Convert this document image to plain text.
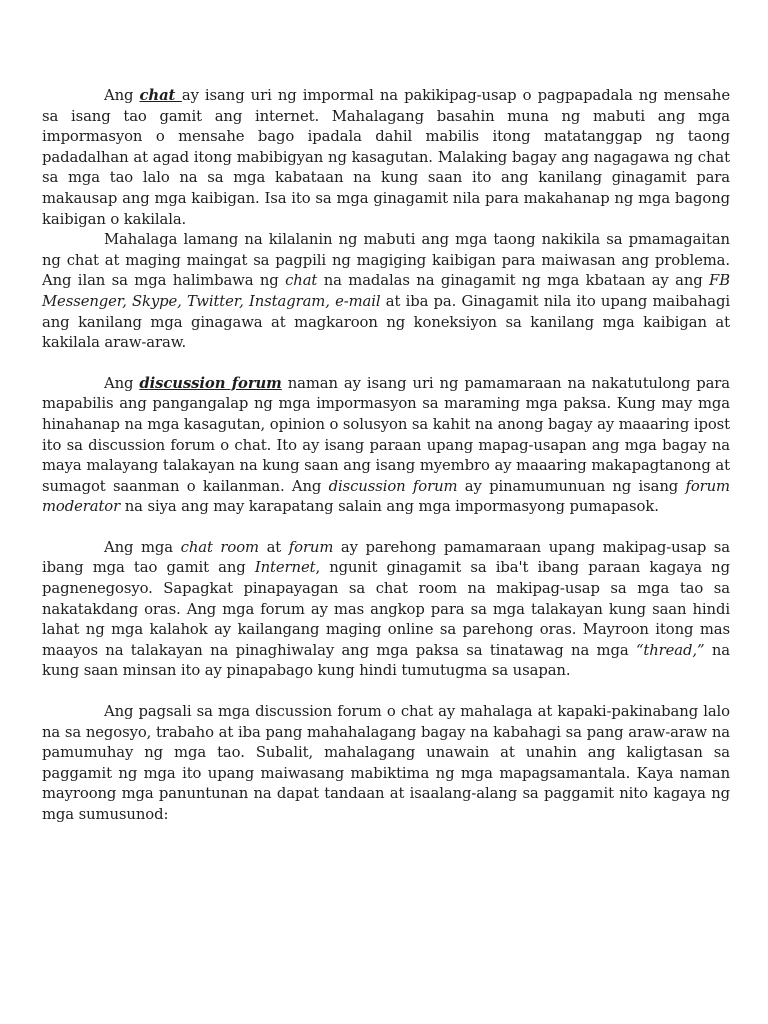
Ang chat ay isang uri ng impormal na pakikipag-usap o pagpapadala ng mensahe sa isang tao gamit ang internet. Mahalagang basahin muna ng mabuti ang mga impormasyon o mensahe bago ipadala dahil mabilis itong matatanggap ng taong padadalhan at agad itong mabibigyan ng kasagutan. Malaking bagay ang nagagawa ng chat sa mga tao lalo na sa mga kabataan na kung saan ito ang kanilang ginagamit para makausap ang mga kaibigan. Isa ito sa mga ginagamit nila para makahanap ng mga bagong kaibigan o kakilala.

Mahalaga lamang na kilalanin ng mabuti ang mga taong nakikila sa pmamagaitan ng chat at maging maingat sa pagpili ng magiging kaibigan para maiwasan ang problema. Ang ilan sa mga halimbawa ng chat na madalas na ginagamit ng mga kbataan ay ang FB Messenger, Skype, Twitter, Instagram, e-mail at iba pa. Ginagamit nila ito upang maibahagi ang kanilang mga ginagawa at magkaroon ng koneksiyon sa kanilang mga kaibigan at kakilala araw-araw.

Ang discussion forum naman ay isang uri ng pamamaraan na nakatutulong para mapabilis ang pangangalap ng mga impormasyon sa maraming mga paksa. Kung may mga hinahanap na mga kasagutan, opinion o solusyon sa kahit na anong bagay ay maaaring ipost ito sa discussion forum o chat. Ito ay isang paraan upang mapag-usapan ang mga bagay na maya malayang talakayan na kung saan ang isang myembro ay maaaring makapagtanong at sumagot saanman o kailanman. Ang discussion forum ay pinamumunuan ng isang forum moderator na siya ang may karapatang salain ang mga impormasyong pumapasok.

Ang mga chat room at forum ay parehong pamamaraan upang makipag-usap sa ibang mga tao gamit ang Internet, ngunit ginagamit sa iba't ibang paraan kagaya ng pagnenegosyo. Sapagkat pinapayagan sa chat room na makipag-usap sa mga tao sa nakatakdang oras. Ang mga forum ay mas angkop para sa mga talakayan kung saan hindi lahat ng mga kalahok ay kailangang maging online sa parehong oras. Mayroon itong mas maayos na talakayan na pinaghiwalay ang mga paksa sa tinatawag na mga “thread,” na kung saan minsan ito ay pinapabago kung hindi tumutugma sa usapan.

Ang pagsali sa mga discussion forum o chat ay mahalaga at kapaki-pakinabang lalo na sa negosyo, trabaho at iba pang mahahalagang bagay na kabahagi sa pang araw-araw na pamumuhay ng mga tao. Subalit, mahalagang unawain at unahin ang kaligtasan sa paggamit ng mga ito upang maiwasang mabiktima ng mga mapagsamantala. Kaya naman mayroong mga panuntunan na dapat tandaan at isaalang-alang sa paggamit nito kagaya ng mga sumusunod:
